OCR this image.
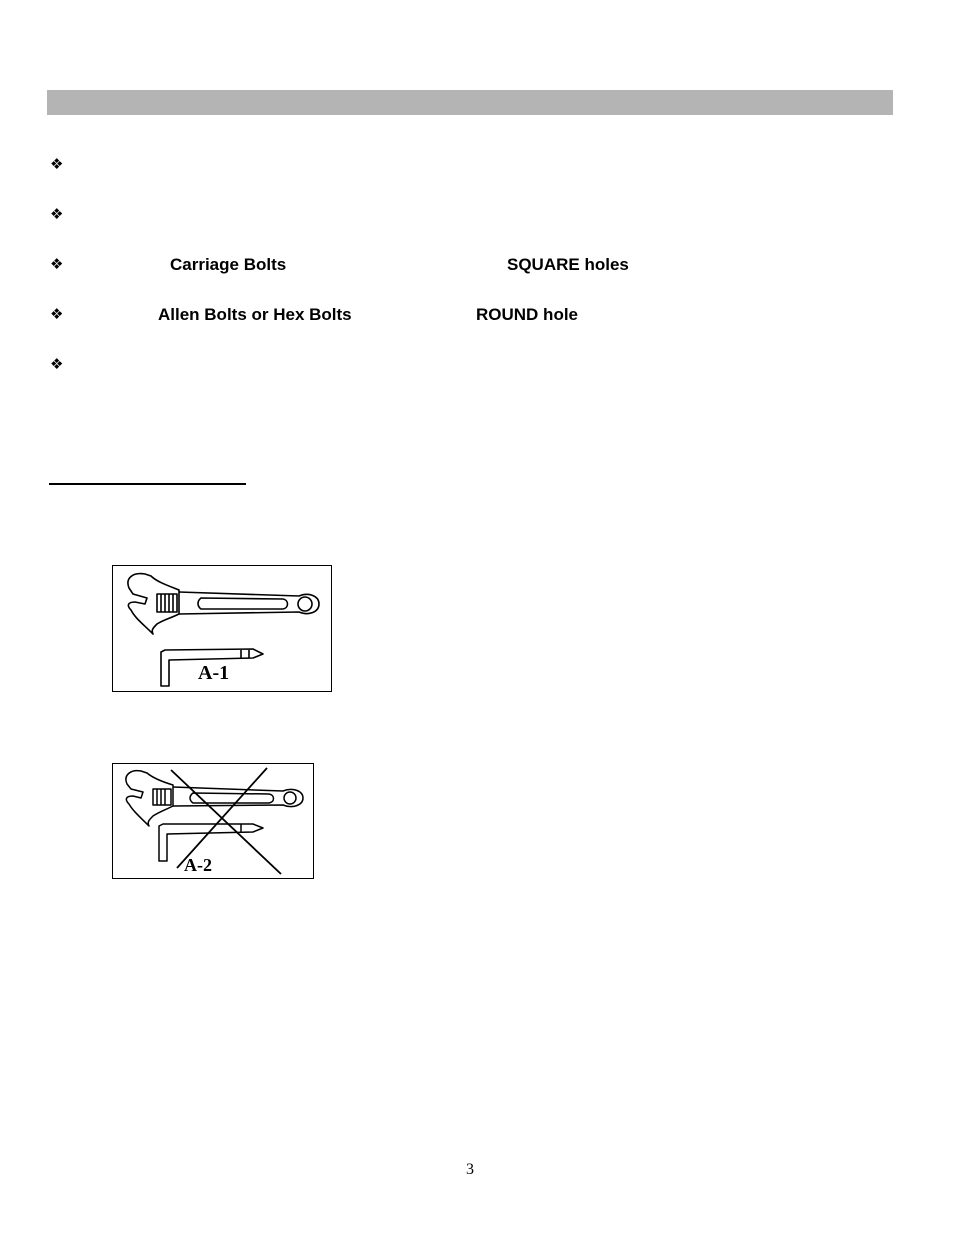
❖
❖
❖	Carriage Bolts	SQUARE holes
❖	Allen Bolts or Hex Bolts	ROUND hole
❖
A-1
A-2
3
